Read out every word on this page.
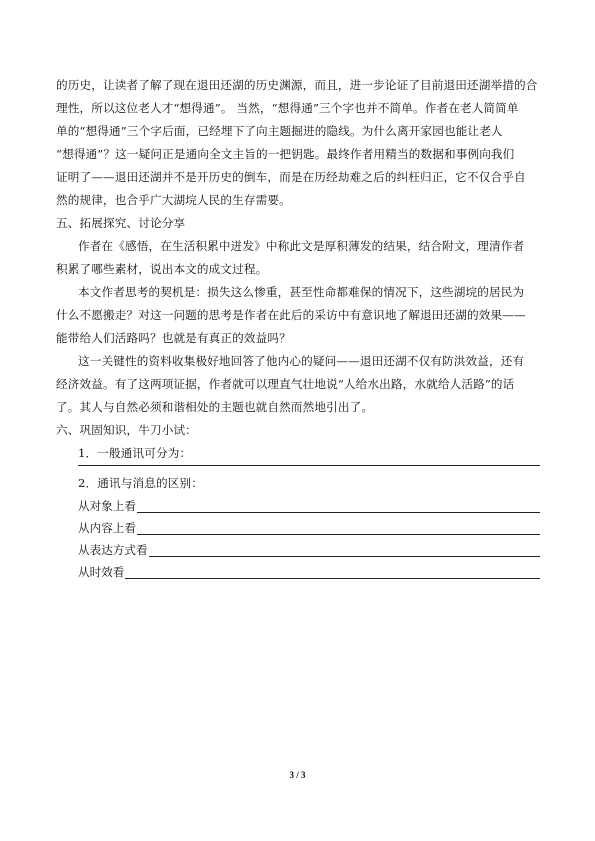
的历史，让读者了解了现在退田还湖的历史渊源，而且，进一步论证了目前退田还湖举措的合
理性，所以这位老人才“想得通”。 当然，“想得通”三个字也并不简单。作者在老人简简单
单的“想得通”三个字后面，已经埋下了向主题掘进的隐线。为什么离开家园也能让老人
“想得通”？这一疑问正是通向全文主旨的一把钥匙。最终作者用精当的数据和事例向我们
证明了——退田还湖并不是开历史的倒车，而是在历经劫难之后的纠枉归正，它不仅合乎自
然的规律，也合乎广大湖垸人民的生存需要。
五、拓展探究、讨论分享
作者在《感悟，在生活积累中迸发》中称此文是厚积薄发的结果，结合附文，理清作者
积累了哪些素材，说出本文的成文过程。
本文作者思考的契机是：损失这么惨重，甚至性命都难保的情况下，这些湖垸的居民为
什么不愿搬走？对这一问题的思考是作者在此后的采访中有意识地了解退田还湖的效果——
能带给人们活路吗？也就是有真正的效益吗？
这一关键性的资料收集极好地回答了他内心的疑问——退田还湖不仅有防洪效益，还有
经济效益。有了这两项证据，作者就可以理直气壮地说“人给水出路，水就给人活路”的话
了。其人与自然必须和谐相处的主题也就自然而然地引出了。
六、巩固知识，牛刀小试：
1．一般通讯可分为：
2．通讯与消息的区别：
从对象上看
从内容上看
从表达方式看
从时效看
3 / 3
